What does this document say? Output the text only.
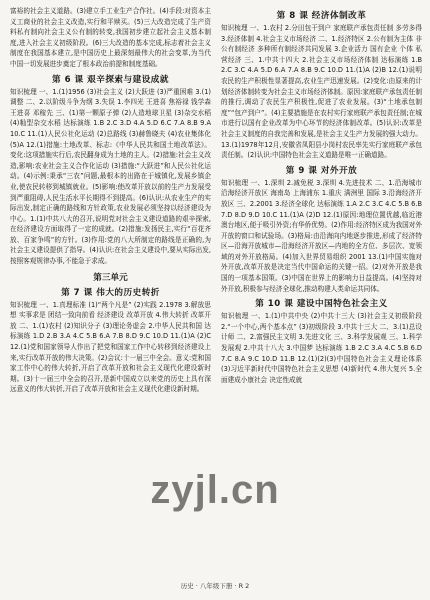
富裕的社会主义道路。(3)建立手工业生产合作社。(4)手段:对资本主义工商业的社会主义改造,实行和平赎买。(5)三大改造完成了生产资料私有制向社会主义公有制的转变,我国初步建立起社会主义基本制度,进入社会主义初级阶段。(6)三大改造的基本完成,标志着社会主义制度在我国基本建立,是中国历史上最深刻最伟大的社会变革,为当代中国一切发展进步奠定了根本政治前提和制度基础。

第 6 课 艰辛探索与建设成就

知识梳理 一、1.(1)1956 (3)社会主义 (2)大跃进 (3)严重困难 3.(1)调整 二、2.以阶级斗争为纲 3.失误 1.李四光 王进喜 焦裕禄 钱学森 王进喜 邓稼先 三、(1)第一颗原子弹 (2)人造地球卫星 (3)杂交水稻 (4)籼型杂交水稻 达标演练 1.B 2.C 3.D 4.A 5.D 6.C 7.A 8.B 9.A 10.C 11.(1)人民公社化运动 (2)总路线 (3)赫鲁晓夫 (4)农业集体化 (5)A 12.(1)措施:土地改革、标志:《中华人民共和国土地改革法》。变化:这项措施实行后,农民翻身成为土地的主人。(2)措施:社会主义改造,影响:农业社会主义合作化运动 (3)措施:“大跃进”和人民公社化运动。(4)示例:秉承“三农”问题,最根本的出路在于城镇化,发展乡镇企业,使农民转移到城镇就业。(5)影响:使改革开放以前的生产力发展受到严重阻碍,人民生活水平长期得不到提高。(6)认识:从农业生产的实际出发,制定正确的路线和方针政策,农业发展必须坚持以经济建设为中心。1.(1)中共八大的召开,说明党对社会主义建设道路的艰辛探索,在经济建设方面取得了一定的成就。(2)措施:发扬民主,实行“百花齐放、百家争鸣”的方针。(3)作用:党的八大所制定的路线是正确的,为社会主义建设提供了指导。(4)认识:在社会主义建设中,要从实际出发,按照客观规律办事,不能急于求成。

第三单元
第 7 课 伟大的历史转折

知识梳理 一、1.真理标准 (1)“两个凡是” (2)实践 2.1978 3.解放思想 实事求是 团结一致向前看 经济建设 改革开放 4.伟大转折 改革开放 二、1.(1)农村 (2)知识分子 (3)理论务虚会 2.中华人民共和国 达标演练 1.D 2.B 3.A 4.C 5.B 6.A 7.B 8.D 9.C 10.D 11.(1)A (2)C 12.(1)党和国家领导人作出了把党和国家工作中心转移到经济建设上来,实行改革开放的伟大决策。(2)会议:十一届三中全会。意义:党和国家工作中心的伟大转折,开启了改革开放和社会主义现代化建设新时期。(3)十一届三中全会的召开,是新中国成立以来党的历史上具有深远意义的伟大转折,开启了改革开放和社会主义现代化建设新时期。

第 8 课 经济体制改革

知识梳理 一、1.农村 2.分田包干到户 家庭联产承包责任制 多劳多得 3.经济体制 4.社会主义市场经济 二、1.经济特区 2.公有制为主体 非公有制经济 多种所有制经济共同发展 3.企业活力 国有企业 个体 私营经济 三、1.中共十四大 2.社会主义市场经济体制 达标演练 1.B 2.C 3.C 4.A 5.D 6.A 7.A 8.B 9.C 10.D 11.(1)A (2)B 12.(1)说明农民的生产积极性显著提高,农业生产迅速发展。(2)变化:由原来的计划经济体制转变为社会主义市场经济体制。原因:家庭联产承包责任制的推行,调动了农民生产积极性,促进了农业发展。(3)“土地承包制度”“包产到户”。(4)主要措施是在农村实行家庭联产承包责任制;在城市进行以国有企业改革为中心环节的经济体制改革。(5)认识:改革是社会主义制度的自我完善和发展,是社会主义生产力发展的强大动力。13.(1)1978年12月,安徽省凤阳县小岗村农民率先实行家庭联产承包责任制。(2)认识:中国特色社会主义道路是唯一正确道路。

第 9 课 对外开放

知识梳理 一、1.深圳 2.减免税 3.深圳 4.先进技术 二、1.沿海城市 沿海经济开放区 海南岛 上海浦东 1.重庆 满洲里 国际 3.沿海经济开放区 三、2.2001 3.经济全球化 达标演练 1.A 2.C 3.C 4.C 5.B 6.B 7.D 8.D 9.D 10.C 11.(1)A (2)D 12.(1)原因:地理位置优越,临近港澳台地区,便于吸引外资;有华侨优势。(2)作用:经济特区成为我国对外开放的窗口和试验场。(3)格局:由沿海向内地逐步推进,形成了经济特区—沿海开放城市—沿海经济开放区—内地的全方位、多层次、宽领域的对外开放格局。(4)加入世界贸易组织 2001 13.(1)中国实施对外开放,改革开放是决定当代中国命运的关键一招。(2)对外开放是我国的一项基本国策。(3)中国在世界上的影响力日益提高。(4)坚持对外开放,积极参与经济全球化,推动构建人类命运共同体。

第 10 课 建设中国特色社会主义

知识梳理 一、1.(1)中共中央 (2)中共十三大 (3)社会主义初级阶段 2.“一个中心,两个基本点” (3)初级阶段 3.中共十三大 二、3.(1)总设计师 二、2.富强民主文明 3.先进文化 三、3.科学发展观 三、1.科学发展观 2.中共十八大 3.中国梦 达标演练 1.B 2.C 3.A 4.C 5.B 6.D 7.C 8.A 9.C 10.D 11.B 12.(1)(2)(3)中国特色社会主义理论体系 (3)习近平新时代中国特色社会主义思想 (4)新时代 4.伟大复兴 5.全面建成小康社会 决定性成就

zyjl.cn
历史 · 八年级下册 · R 2
